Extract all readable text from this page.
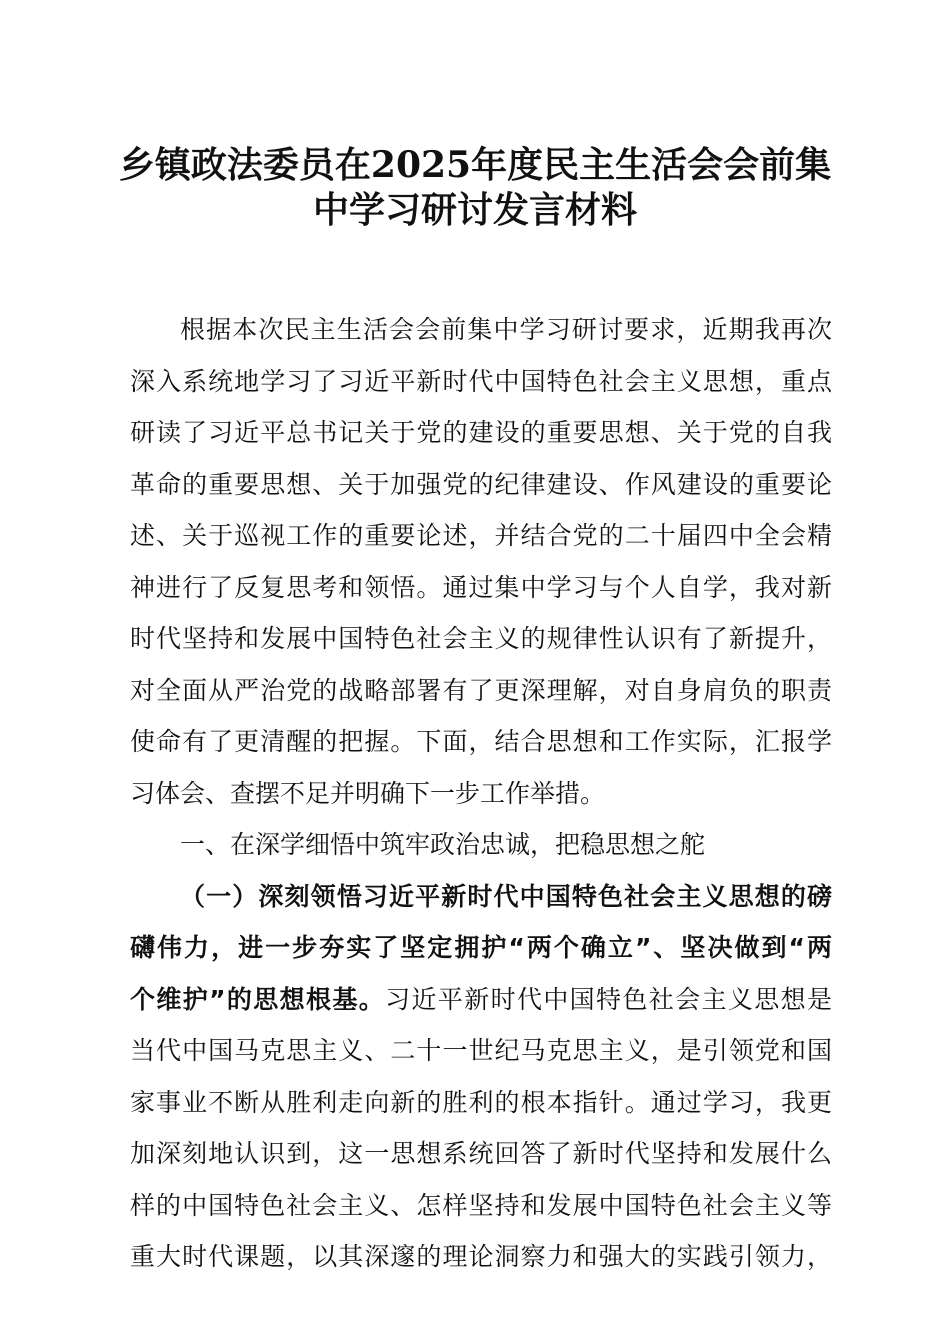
乡镇政法委员在2025年度民主生活会会前集
中学习研讨发言材料
根据本次民主生活会会前集中学习研讨要求，近期我再次
深入系统地学习了习近平新时代中国特色社会主义思想，重点
研读了习近平总书记关于党的建设的重要思想、关于党的自我
革命的重要思想、关于加强党的纪律建设、作风建设的重要论
述、关于巡视工作的重要论述，并结合党的二十届四中全会精
神进行了反复思考和领悟。通过集中学习与个人自学，我对新
时代坚持和发展中国特色社会主义的规律性认识有了新提升，
对全面从严治党的战略部署有了更深理解，对自身肩负的职责
使命有了更清醒的把握。下面，结合思想和工作实际，汇报学
习体会、查摆不足并明确下一步工作举措。
一、在深学细悟中筑牢政治忠诚，把稳思想之舵
（一）深刻领悟习近平新时代中国特色社会主义思想的磅
礴伟力，进一步夯实了坚定拥护“两个确立”、坚决做到“两
个维护”的思想根基。习近平新时代中国特色社会主义思想是
当代中国马克思主义、二十一世纪马克思主义，是引领党和国
家事业不断从胜利走向新的胜利的根本指针。通过学习，我更
加深刻地认识到，这一思想系统回答了新时代坚持和发展什么
样的中国特色社会主义、怎样坚持和发展中国特色社会主义等
重大时代课题，以其深邃的理论洞察力和强大的实践引领力，
